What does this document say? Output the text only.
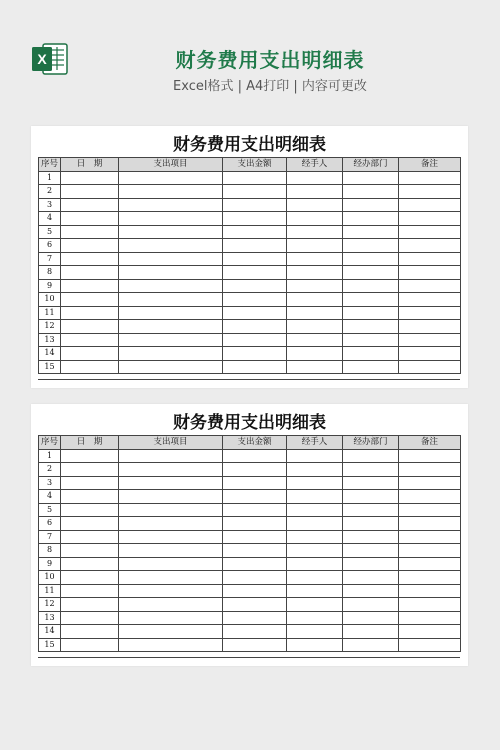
X	财务费用支出明细表
Excel格式 | A4打印 | 内容可更改
财务费用支出明细表
序号	日　期	支出项目	支出金额	经手人	经办部门	备注
1						
2						
3						
4						
5						
6						
7						
8						
9						
10						
11						
12						
13						
14						
15						
财务费用支出明细表
序号	日　期	支出项目	支出金额	经手人	经办部门	备注
1						
2						
3						
4						
5						
6						
7						
8						
9						
10						
11						
12						
13						
14						
15						
